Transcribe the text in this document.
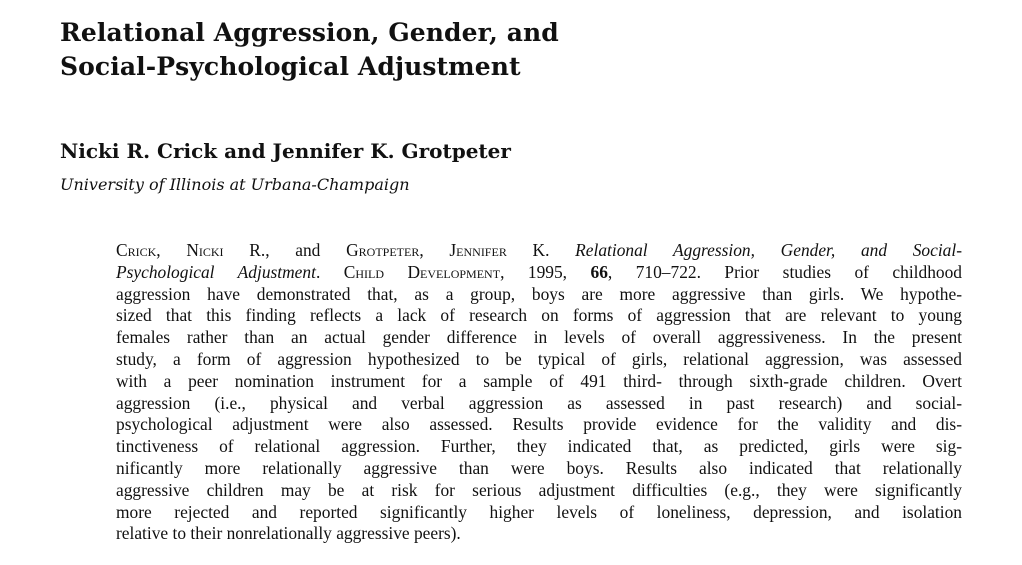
Relational Aggression, Gender, and
Social-Psychological Adjustment

Nicki R. Crick and Jennifer K. Grotpeter

University of Illinois at Urbana-Champaign

Crick, Nicki R., and Grotpeter, Jennifer K. Relational Aggression, Gender, and Social-
Psychological Adjustment. Child Development, 1995, 66, 710–722. Prior studies of childhood
aggression have demonstrated that, as a group, boys are more aggressive than girls. We hypothe-
sized that this finding reflects a lack of research on forms of aggression that are relevant to young
females rather than an actual gender difference in levels of overall aggressiveness. In the present
study, a form of aggression hypothesized to be typical of girls, relational aggression, was assessed
with a peer nomination instrument for a sample of 491 third- through sixth-grade children. Overt
aggression (i.e., physical and verbal aggression as assessed in past research) and social-
psychological adjustment were also assessed. Results provide evidence for the validity and dis-
tinctiveness of relational aggression. Further, they indicated that, as predicted, girls were sig-
nificantly more relationally aggressive than were boys. Results also indicated that relationally
aggressive children may be at risk for serious adjustment difficulties (e.g., they were significantly
more rejected and reported significantly higher levels of loneliness, depression, and isolation
relative to their nonrelationally aggressive peers).
